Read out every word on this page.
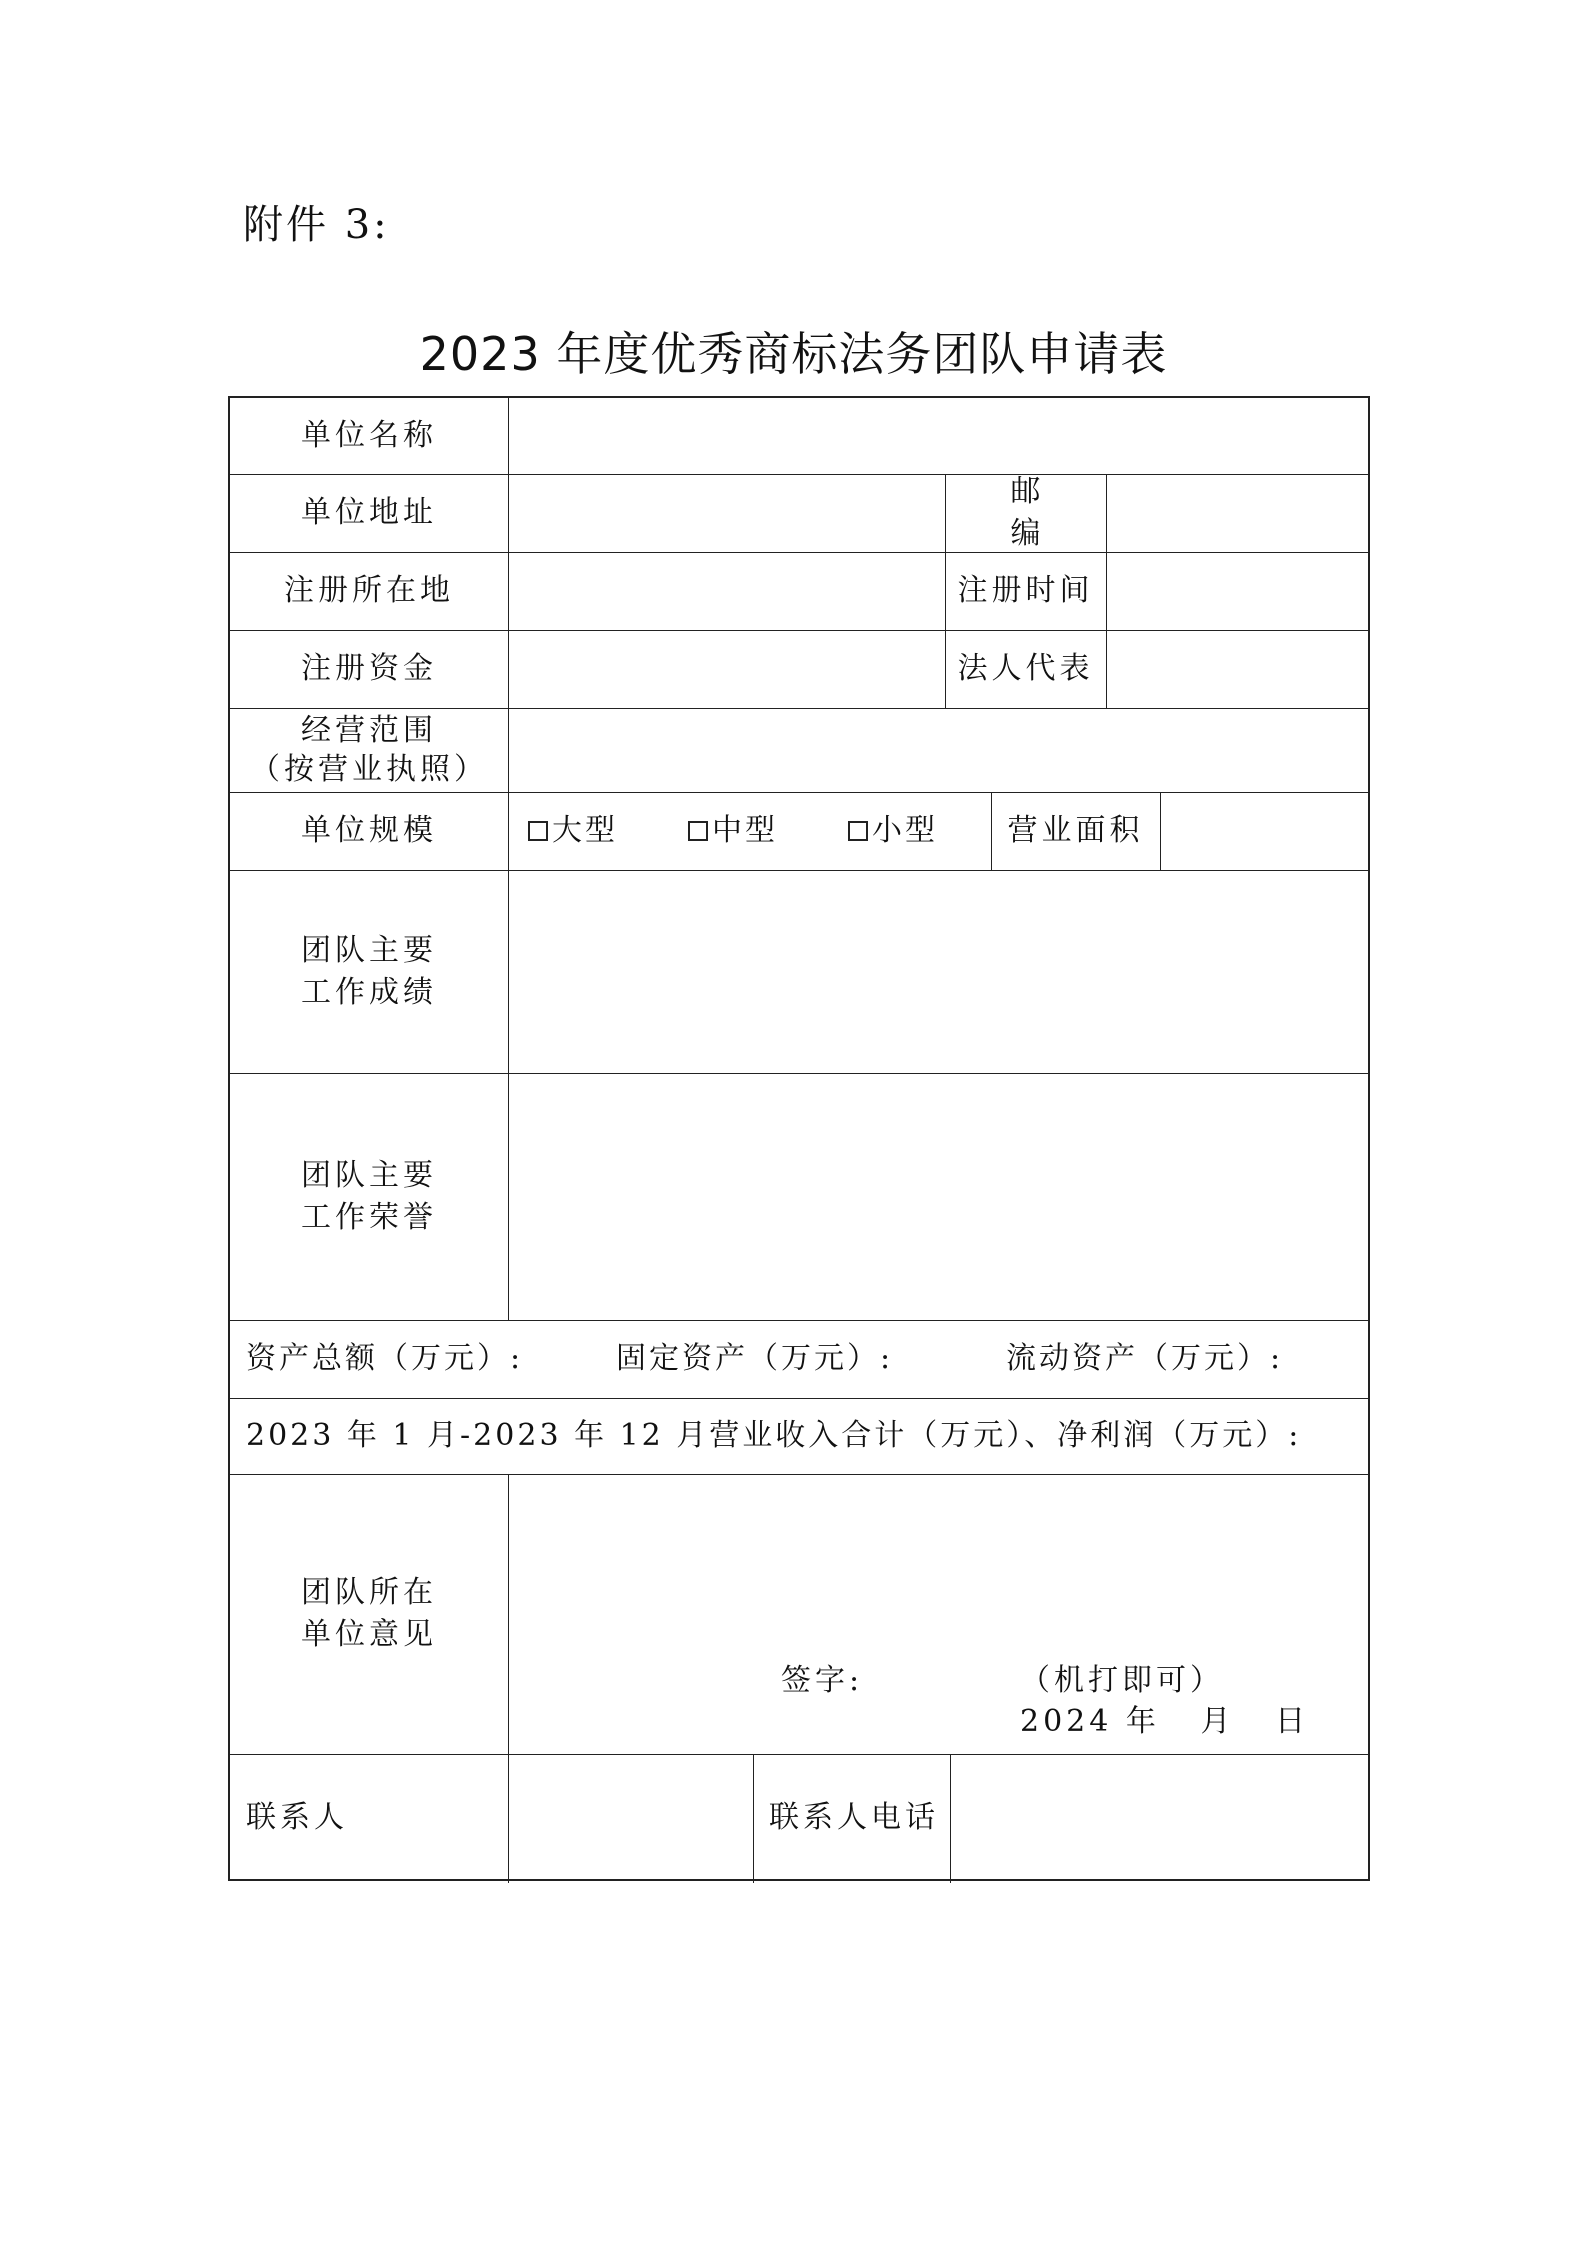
附件 3:
2023 年度优秀商标法务团队申请表
单位名称
单位地址
邮 编
注册所在地	注册时间
注册资金	法人代表
经营范围
（按营业执照）
单位规模	大型	中型	小型	营业面积
团队主要
工作成绩
团队主要
工作荣誉
资产总额（万元）:	固定资产（万元）:	流动资产（万元）:
2023 年 1 月-2023 年 12 月营业收入合计（万元）、净利润（万元）:
团队所在
单位意见
签字:	（机打即可）
2024 年   月   日
联系人	联系人电话
